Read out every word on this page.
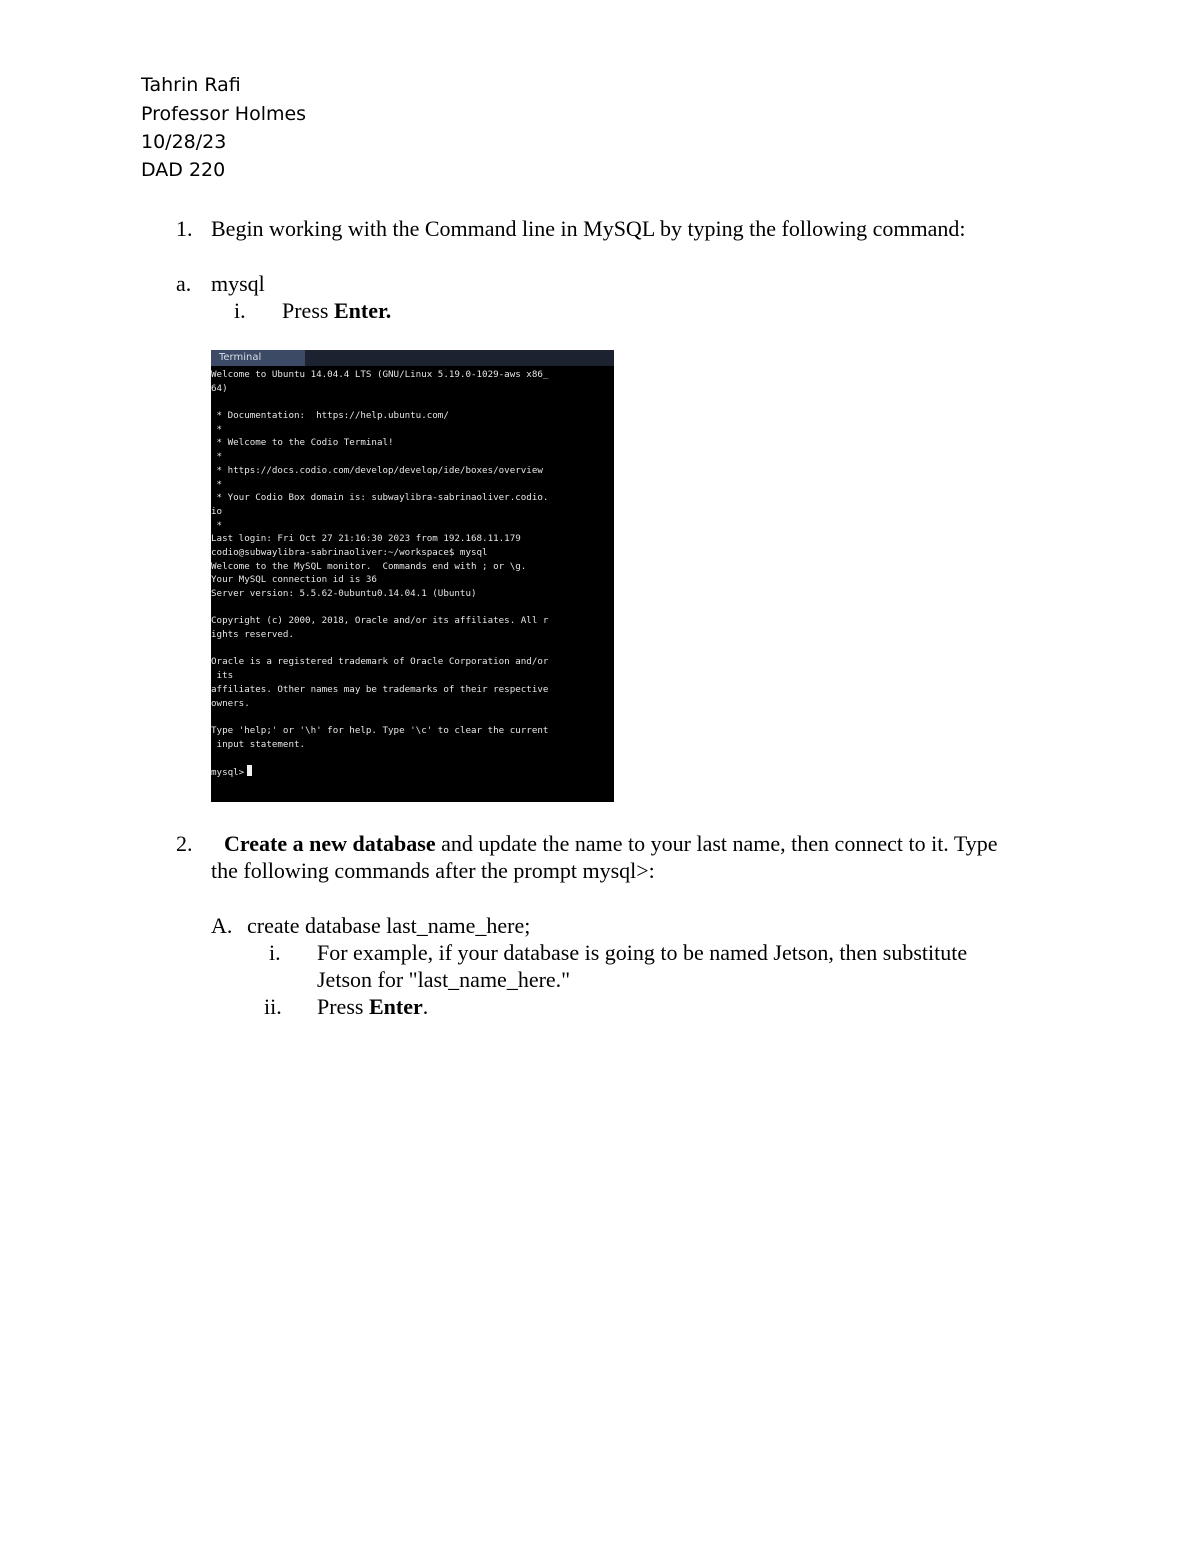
Tahrin Rafi
Professor Holmes
10/28/23
DAD 220
1. Begin working with the Command line in MySQL by typing the following command:
a. mysql
i. Press Enter.
Terminal
Welcome to Ubuntu 14.04.4 LTS (GNU/Linux 5.19.0-1029-aws x86_
64)
* Documentation:  https://help.ubuntu.com/
*
* Welcome to the Codio Terminal!
*
* https://docs.codio.com/develop/develop/ide/boxes/overview
*
* Your Codio Box domain is: subwaylibra-sabrinaoliver.codio.
io
*
Last login: Fri Oct 27 21:16:30 2023 from 192.168.11.179
codio@subwaylibra-sabrinaoliver:~/workspace$ mysql
Welcome to the MySQL monitor.  Commands end with ; or \g.
Your MySQL connection id is 36
Server version: 5.5.62-0ubuntu0.14.04.1 (Ubuntu)
Copyright (c) 2000, 2018, Oracle and/or its affiliates. All r
ights reserved.
Oracle is a registered trademark of Oracle Corporation and/or
its
affiliates. Other names may be trademarks of their respective
owners.
Type 'help;' or '\h' for help. Type '\c' to clear the current
input statement.
mysql>
2. Create a new database and update the name to your last name, then connect to it. Type
the following commands after the prompt mysql>:
A. create database last_name_here;
i. For example, if your database is going to be named Jetson, then substitute
Jetson for "last_name_here."
ii. Press Enter.
